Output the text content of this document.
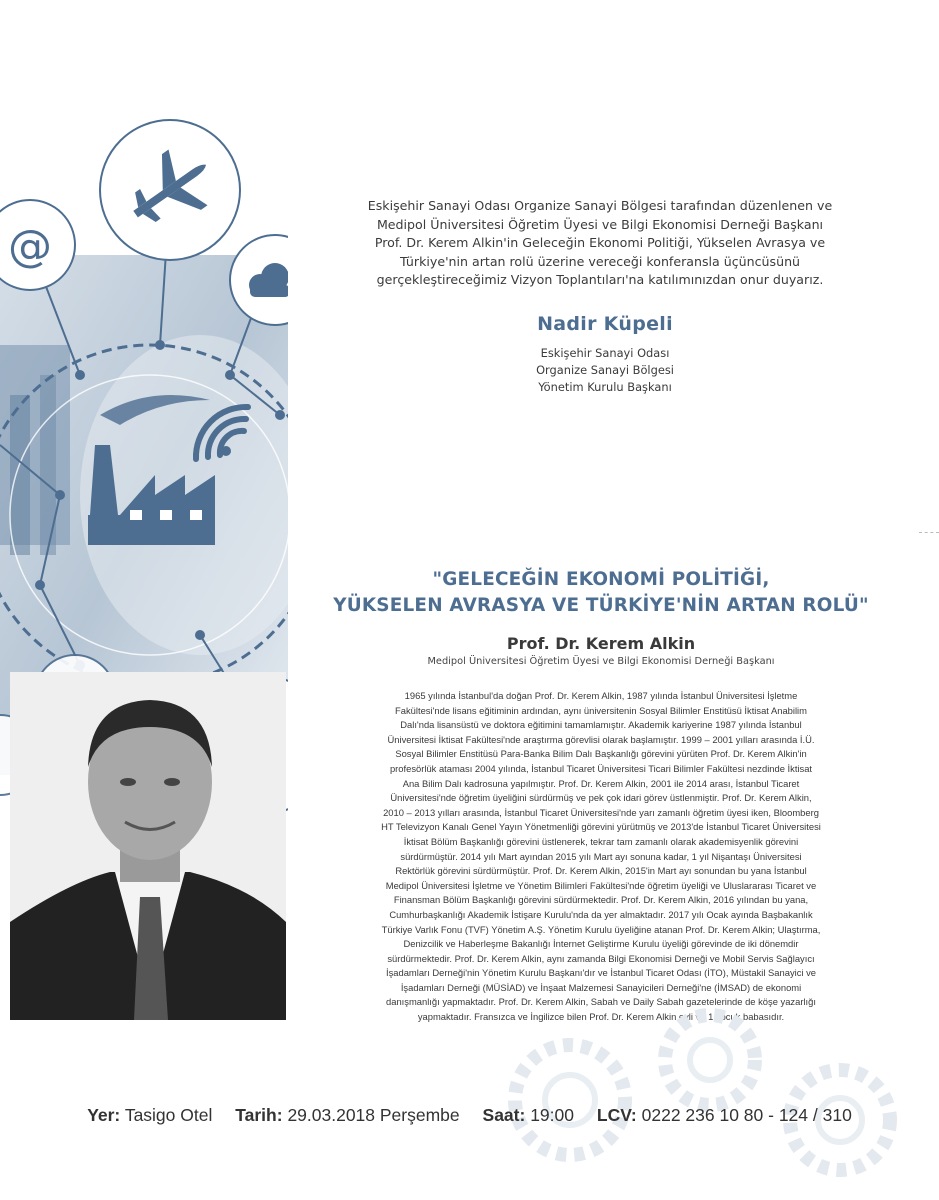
@

Eskişehir Sanayi Odası Organize Sanayi Bölgesi tarafından düzenlenen ve

Medipol Üniversitesi Öğretim Üyesi ve Bilgi Ekonomisi Derneği Başkanı

Prof. Dr. Kerem Alkin'in Geleceğin Ekonomi Politiği, Yükselen Avrasya ve

Türkiye'nin artan rolü üzerine vereceği konferansla üçüncüsünü

gerçekleştireceğimiz Vizyon Toplantıları'na katılımınızdan onur duyarız.

Nadir Küpeli
Eskişehir Sanayi Odası
Organize Sanayi Bölgesi
Yönetim Kurulu Başkanı
"GELECEĞİN EKONOMİ POLİTİĞİ,
YÜKSELEN AVRASYA VE TÜRKİYE'NİN ARTAN ROLÜ"
Prof. Dr. Kerem Alkin
Medipol Üniversitesi Öğretim Üyesi ve Bilgi Ekonomisi Derneği Başkanı
1965 yılında İstanbul'da doğan Prof. Dr. Kerem Alkin, 1987 yılında İstanbul Üniversitesi İşletme
Fakültesi'nde lisans eğitiminin ardından, aynı üniversitenin Sosyal Bilimler Enstitüsü İktisat Anabilim
Dalı'nda lisansüstü ve doktora eğitimini tamamlamıştır. Akademik kariyerine 1987 yılında İstanbul
Üniversitesi İktisat Fakültesi'nde araştırma görevlisi olarak başlamıştır. 1999 – 2001 yılları arasında İ.Ü.
Sosyal Bilimler Enstitüsü Para-Banka Bilim Dalı Başkanlığı görevini yürüten Prof. Dr. Kerem Alkin'in
profesörlük ataması 2004 yılında, İstanbul Ticaret Üniversitesi Ticari Bilimler Fakültesi nezdinde İktisat
Ana Bilim Dalı kadrosuna yapılmıştır. Prof. Dr. Kerem Alkin, 2001 ile 2014 arası, İstanbul Ticaret
Üniversitesi'nde öğretim üyeliğini sürdürmüş ve pek çok idari görev üstlenmiştir. Prof. Dr. Kerem Alkin,
2010 – 2013 yılları arasında, İstanbul Ticaret Üniversitesi'nde yarı zamanlı öğretim üyesi iken, Bloomberg
HT Televizyon Kanalı Genel Yayın Yönetmenliği görevini yürütmüş ve 2013'de İstanbul Ticaret Üniversitesi
İktisat Bölüm Başkanlığı görevini üstlenerek, tekrar tam zamanlı olarak akademisyenlik görevini
sürdürmüştür. 2014 yılı Mart ayından 2015 yılı Mart ayı sonuna kadar, 1 yıl Nişantaşı Üniversitesi
Rektörlük görevini sürdürmüştür. Prof. Dr. Kerem Alkin, 2015'in Mart ayı sonundan bu yana İstanbul
Medipol Üniversitesi İşletme ve Yönetim Bilimleri Fakültesi'nde öğretim üyeliği ve Uluslararası Ticaret ve
Finansman Bölüm Başkanlığı görevini sürdürmektedir. Prof. Dr. Kerem Alkin, 2016 yılından bu yana,
Cumhurbaşkanlığı Akademik İstişare Kurulu'nda da yer almaktadır. 2017 yılı Ocak ayında Başbakanlık
Türkiye Varlık Fonu (TVF) Yönetim A.Ş. Yönetim Kurulu üyeliğine atanan Prof. Dr. Kerem Alkin; Ulaştırma,
Denizcilik ve Haberleşme Bakanlığı İnternet Geliştirme Kurulu üyeliği görevinde de iki dönemdir
sürdürmektedir. Prof. Dr. Kerem Alkin, aynı zamanda Bilgi Ekonomisi Derneği ve Mobil Servis Sağlayıcı
İşadamları Derneği'nin Yönetim Kurulu Başkanı'dır ve İstanbul Ticaret Odası (İTO), Müstakil Sanayici ve
İşadamları Derneği (MÜSİAD) ve İnşaat Malzemesi Sanayicileri Derneği'ne (İMSAD) de ekonomi
danışmanlığı yapmaktadır. Prof. Dr. Kerem Alkin, Sabah ve Daily Sabah gazetelerinde de köşe yazarlığı
yapmaktadır. Fransızca ve İngilizce bilen Prof. Dr. Kerem Alkin evli ve 1 çocuk babasıdır.
Yer: Tasigo Otel Tarih: 29.03.2018 Perşembe Saat: 19:00 LCV: 0222 236 10 80 - 124 / 310
